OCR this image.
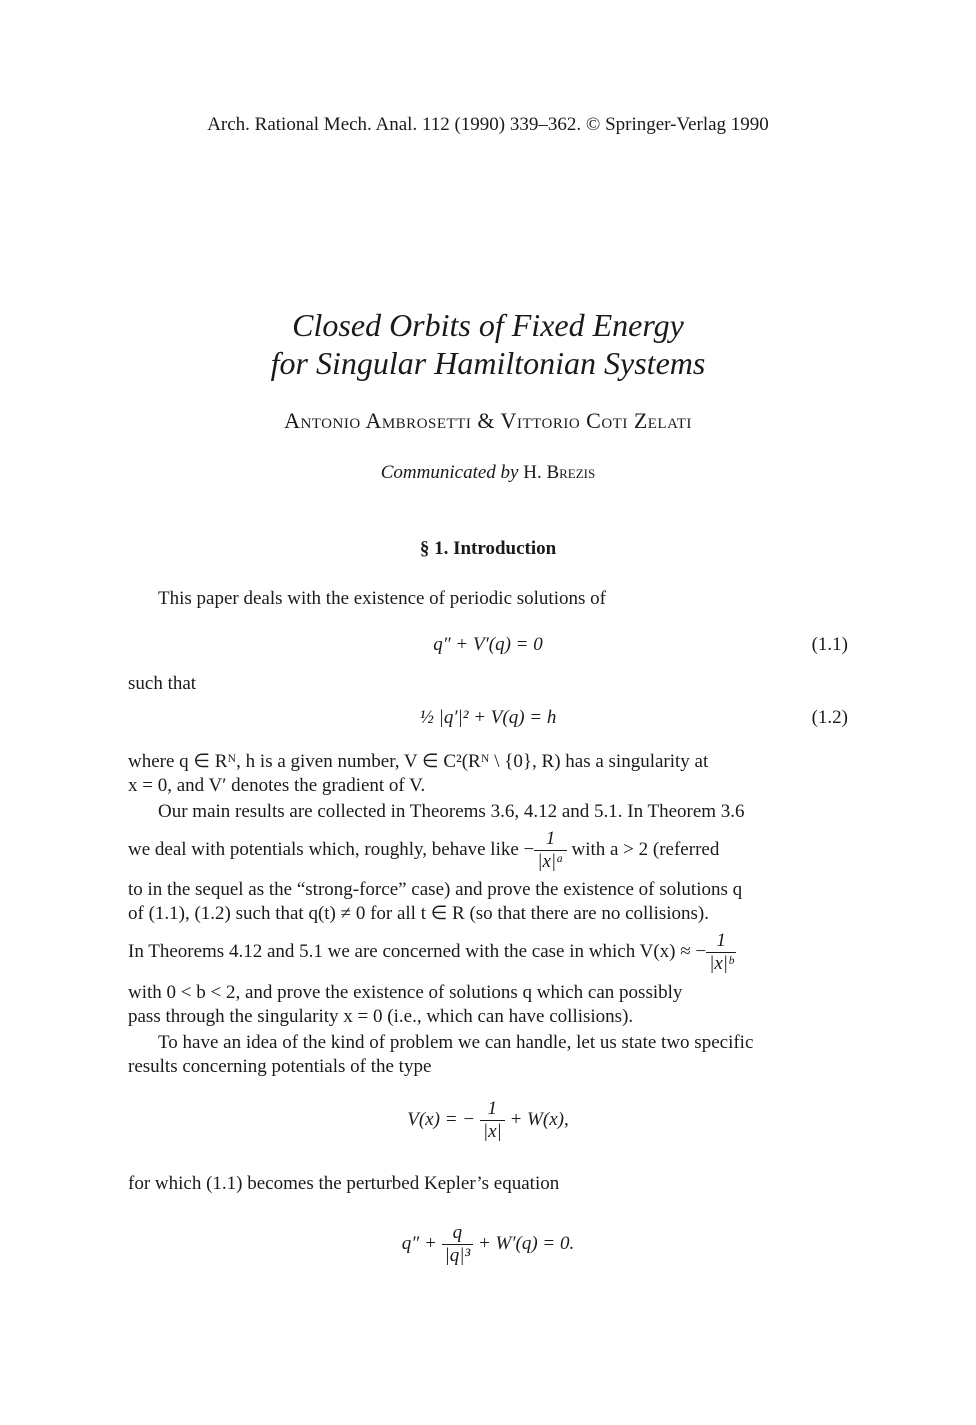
Arch. Rational Mech. Anal. 112 (1990) 339–362. © Springer-Verlag 1990
Closed Orbits of Fixed Energy
for Singular Hamiltonian Systems
Antonio Ambrosetti & Vittorio Coti Zelati
Communicated by H. Brezis
§ 1. Introduction
This paper deals with the existence of periodic solutions of
q″ + V′(q) = 0	(1.1)
such that
½ |q′|² + V(q) = h	(1.2)
where q ∈ Rᴺ, h is a given number, V ∈ C²(Rᴺ \ {0}, R) has a singularity at
x = 0, and V′ denotes the gradient of V.
Our main results are collected in Theorems 3.6, 4.12 and 5.1. In Theorem 3.6
we deal with potentials which, roughly, behave like − $\frac{1}{\text{|x|ᵃ}}$ with a > 2 (referred
to in the sequel as the “strong-force” case) and prove the existence of solutions q
of (1.1), (1.2) such that q(t) ≠ 0 for all t ∈ R (so that there are no collisions).
In Theorems 4.12 and 5.1 we are concerned with the case in which V(x) ≈ − $\frac{1}{\text{|x|ᵇ}}$
with 0 < b < 2, and prove the existence of solutions q which can possibly
pass through the singularity x = 0 (i.e., which can have collisions).
To have an idea of the kind of problem we can handle, let us state two specific
results concerning potentials of the type
V(x) = − $\frac{1}{|x|} + W(x)$,
for which (1.1) becomes the perturbed Kepler’s equation
$q'' + \frac{q}{\text{|q|³}} + W'(q) = 0$.
